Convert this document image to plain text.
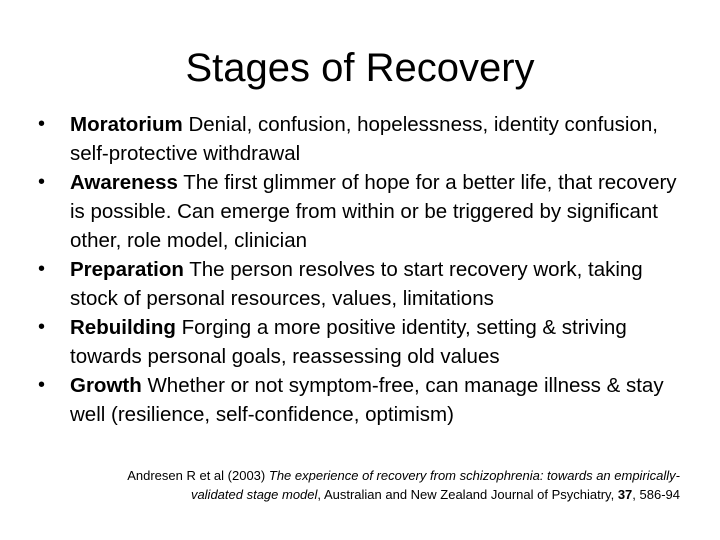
Stages of Recovery
•	Moratorium Denial, confusion, hopelessness, identity confusion, self-protective withdrawal
•	Awareness The first glimmer of hope for a better life, that recovery is possible. Can emerge from within or be triggered by significant other, role model, clinician
•	Preparation The person resolves to start recovery work, taking stock of personal resources, values, limitations
•	Rebuilding Forging a more positive identity, setting & striving towards personal goals, reassessing old values
•	Growth Whether or not symptom-free, can manage illness & stay well (resilience, self-confidence, optimism)
Andresen R et al (2003) The experience of recovery from schizophrenia: towards an empirically-validated stage model, Australian and New Zealand Journal of Psychiatry, 37, 586-94
